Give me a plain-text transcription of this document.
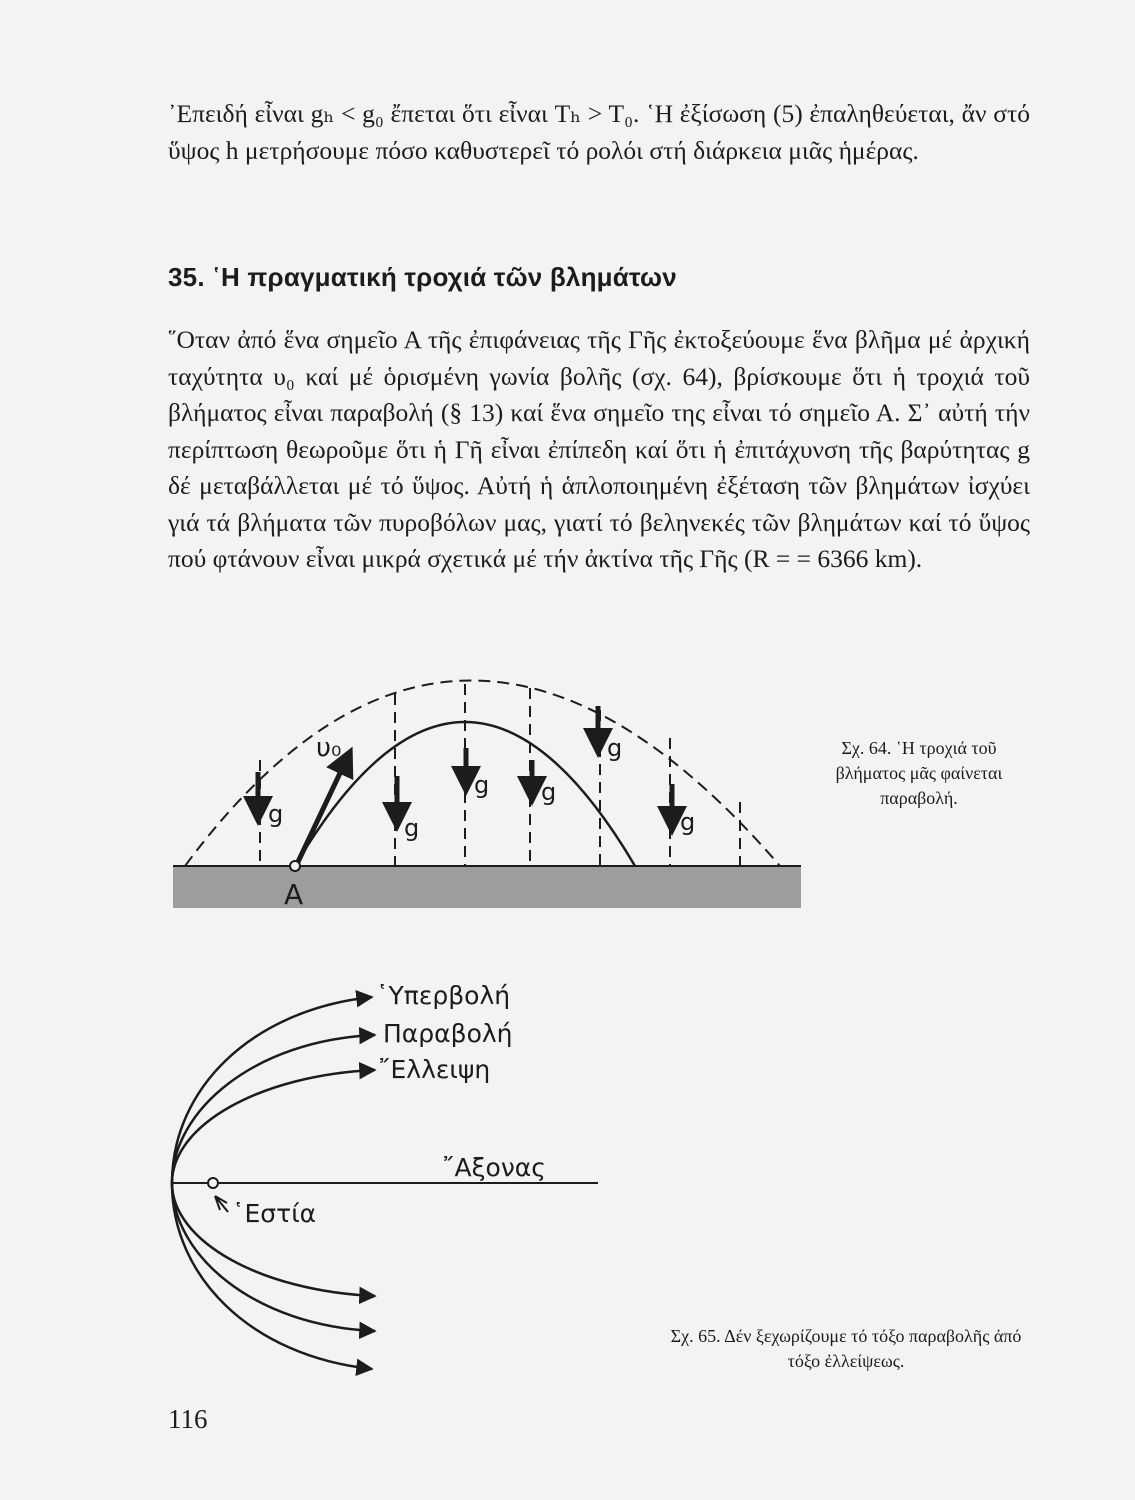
᾿Επειδή εἶναι gₕ < g₀ ἔπεται ὅτι εἶναι Tₕ > T₀. ῾Η ἐξίσωση (5) ἐπαληθεύεται, ἄν στό ὕψος h μετρήσουμε πόσο καθυστερεῖ τό ρολόι στή διάρκεια μιᾶς ἡμέρας.

35. ῾Η πραγματική τροχιά τῶν βλημάτων

῞Οταν ἀπό ἕνα σημεῖο Α τῆς ἐπιφάνειας τῆς Γῆς ἐκτοξεύουμε ἕνα βλῆμα μέ ἀρχική ταχύτητα υ₀ καί μέ ὁρισμένη γωνία βολῆς (σχ. 64), βρίσκουμε ὅτι ἡ τροχιά τοῦ βλήματος εἶναι παραβολή (§ 13) καί ἕνα σημεῖο της εἶναι τό σημεῖο Α. Σ᾿ αὐτή τήν περίπτωση θεωροῦμε ὅτι ἡ Γῆ εἶναι ἐπίπεδη καί ὅτι ἡ ἐπιτάχυνση τῆς βαρύτητας g δέ μεταβάλλεται μέ τό ὕψος. Αὐτή ἡ ἁπλοποιημένη ἐξέταση τῶν βλημάτων ἰσχύει γιά τά βλήματα τῶν πυροβόλων μας, γιατί τό βεληνεκές τῶν βλημάτων καί τό ὕψος πού φτάνουν εἶναι μικρά σχετικά μέ τήν ἀκτίνα τῆς Γῆς (R = = 6366 km).

g	g
g g
g
g
υ₀
A
Σχ. 64. ῾Η τροχιά τοῦ βλήματος μᾶς φαίνεται παραβολή.
῾Υπερβολή
Παραβολή
῎Ελλειψη
῎Αξονας
῾Εστία
Σχ. 65. Δέν ξεχωρίζουμε τό τόξο παραβολῆς ἀπό τόξο ἐλλείψεως.
116
